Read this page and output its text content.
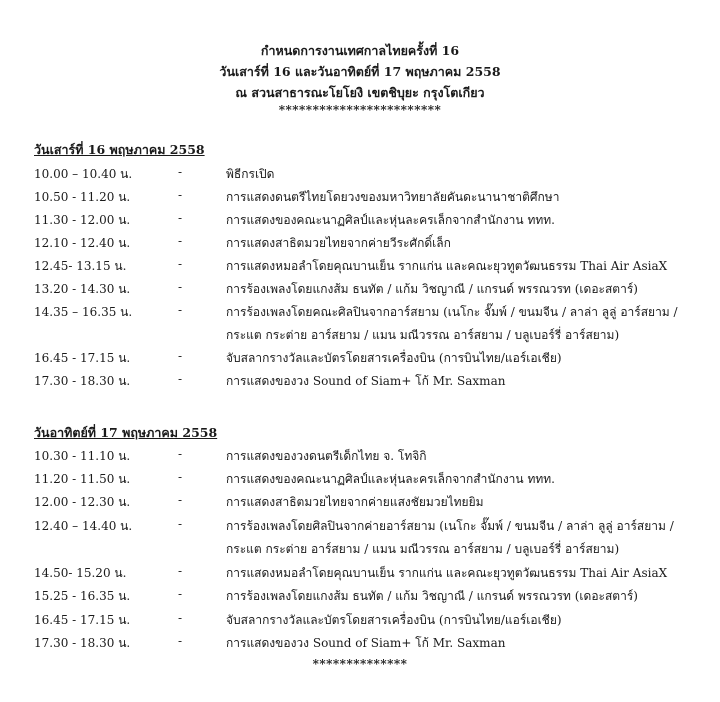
กำหนดการงานเทศกาลไทยครั้งที่ 16
วันเสาร์ที่ 16 และวันอาทิตย์ที่ 17 พฤษภาคม 2558
ณ สวนสาธารณะโยโยงิ เขตชิบุยะ กรุงโตเกียว
************************
วันเสาร์ที่ 16 พฤษภาคม 2558
10.00 – 10.40 น.	-	พิธีกรเปิด
10.50 - 11.20 น.	-	การแสดงดนตรีไทยโดยวงของมหาวิทยาลัยคันดะนานาชาติศึกษา
11.30 - 12.00 น.	-	การแสดงของคณะนาฏศิลป์และหุ่นละครเล็กจากสำนักงาน ททท.
12.10 - 12.40 น.	-	การแสดงสาธิตมวยไทยจากค่ายวีระศักดิ์เล็ก
12.45- 13.15 น.	-	การแสดงหมอลำโดยคุณบานเย็น รากแก่น และคณะยุวทูตวัฒนธรรม Thai Air AsiaX
13.20 - 14.30 น.	-	การร้องเพลงโดยแกงส้ม ธนทัต / แก้ม วิชญาณี / แกรนด์ พรรณวรท (เดอะสตาร์)
14.35 – 16.35 น.	-	การร้องเพลงโดยคณะศิลปินจากอาร์สยาม (เนโกะ จั๊มพ์ / ขนมจีน / ลาล่า ลูลู่ อาร์สยาม /
กระแต กระต่าย อาร์สยาม / แมน มณีวรรณ อาร์สยาม / บลูเบอร์รี่ อาร์สยาม)
16.45 - 17.15 น.	-	จับสลากรางวัลและบัตรโดยสารเครื่องบิน (การบินไทย/แอร์เอเชีย)
17.30 - 18.30 น.	-	การแสดงของวง Sound of Siam+ โก้ Mr. Saxman
วันอาทิตย์ที่ 17 พฤษภาคม 2558
10.30 - 11.10 น.	-	การแสดงของวงดนตรีเด็กไทย จ. โทจิกิ
11.20 - 11.50 น.	-	การแสดงของคณะนาฏศิลป์และหุ่นละครเล็กจากสำนักงาน ททท.
12.00 - 12.30 น.	-	การแสดงสาธิตมวยไทยจากค่ายแสงชัยมวยไทยยิม
12.40 – 14.40 น.	-	การร้องเพลงโดยศิลปินจากค่ายอาร์สยาม (เนโกะ จั๊มพ์ / ขนมจีน / ลาล่า ลูลู่ อาร์สยาม /
กระแต กระต่าย อาร์สยาม / แมน มณีวรรณ อาร์สยาม / บลูเบอร์รี่ อาร์สยาม)
14.50- 15.20 น.	-	การแสดงหมอลำโดยคุณบานเย็น รากแก่น และคณะยุวทูตวัฒนธรรม Thai Air AsiaX
15.25 - 16.35 น.	-	การร้องเพลงโดยแกงส้ม ธนทัต / แก้ม วิชญาณี / แกรนด์ พรรณวรท (เดอะสตาร์)
16.45 - 17.15 น.	-	จับสลากรางวัลและบัตรโดยสารเครื่องบิน (การบินไทย/แอร์เอเชีย)
17.30 - 18.30 น.	-	การแสดงของวง Sound of Siam+ โก้ Mr. Saxman
**************
